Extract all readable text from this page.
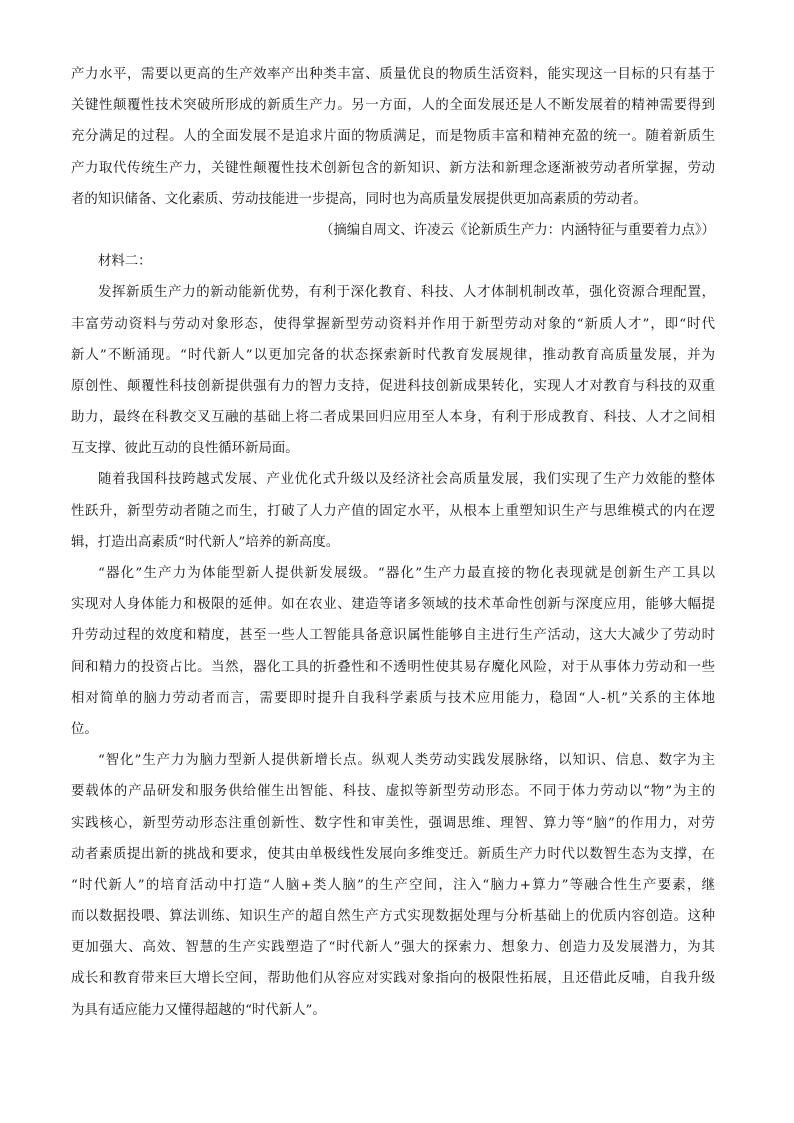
产力水平，需要以更高的生产效率产出种类丰富、质量优良的物质生活资料，能实现这一目标的只有基于
关键性颠覆性技术突破所形成的新质生产力。另一方面，人的全面发展还是人不断发展着的精神需要得到
充分满足的过程。人的全面发展不是追求片面的物质满足，而是物质丰富和精神充盈的统一。随着新质生
产力取代传统生产力，关键性颠覆性技术创新包含的新知识、新方法和新理念逐渐被劳动者所掌握，劳动
者的知识储备、文化素质、劳动技能进一步提高，同时也为高质量发展提供更加高素质的劳动者。
（摘编自周文、许凌云《论新质生产力：内涵特征与重要着力点》）
材料二：
发挥新质生产力的新动能新优势，有利于深化教育、科技、人才体制机制改革，强化资源合理配置，
丰富劳动资料与劳动对象形态，使得掌握新型劳动资料并作用于新型劳动对象的“新质人才”，即“时代
新人”不断涌现。“时代新人”以更加完备的状态探索新时代教育发展规律，推动教育高质量发展，并为
原创性、颠覆性科技创新提供强有力的智力支持，促进科技创新成果转化，实现人才对教育与科技的双重
助力，最终在科教交叉互融的基础上将二者成果回归应用至人本身，有利于形成教育、科技、人才之间相
互支撑、彼此互动的良性循环新局面。
随着我国科技跨越式发展、产业优化式升级以及经济社会高质量发展，我们实现了生产力效能的整体
性跃升，新型劳动者随之而生，打破了人力产值的固定水平，从根本上重塑知识生产与思维模式的内在逻
辑，打造出高素质“时代新人”培养的新高度。
“器化”生产力为体能型新人提供新发展级。“器化”生产力最直接的物化表现就是创新生产工具以
实现对人身体能力和极限的延伸。如在农业、建造等诸多领域的技术革命性创新与深度应用，能够大幅提
升劳动过程的效度和精度，甚至一些人工智能具备意识属性能够自主进行生产活动，这大大减少了劳动时
间和精力的投资占比。当然，器化工具的折叠性和不透明性使其易存魔化风险，对于从事体力劳动和一些
相对简单的脑力劳动者而言，需要即时提升自我科学素质与技术应用能力，稳固“人-机”关系的主体地
位。
“智化”生产力为脑力型新人提供新增长点。纵观人类劳动实践发展脉络，以知识、信息、数字为主
要载体的产品研发和服务供给催生出智能、科技、虚拟等新型劳动形态。不同于体力劳动以“物”为主的
实践核心，新型劳动形态注重创新性、数字性和审美性，强调思维、理智、算力等“脑”的作用力，对劳
动者素质提出新的挑战和要求，使其由单极线性发展向多维变迁。新质生产力时代以数智生态为支撑，在
“时代新人”的培育活动中打造“人脑+类人脑”的生产空间，注入“脑力+算力”等融合性生产要素，继
而以数据投喂、算法训练、知识生产的超自然生产方式实现数据处理与分析基础上的优质内容创造。这种
更加强大、高效、智慧的生产实践塑造了“时代新人”强大的探索力、想象力、创造力及发展潜力，为其
成长和教育带来巨大增长空间，帮助他们从容应对实践对象指向的极限性拓展，且还借此反哺，自我升级
为具有适应能力又懂得超越的“时代新人”。
